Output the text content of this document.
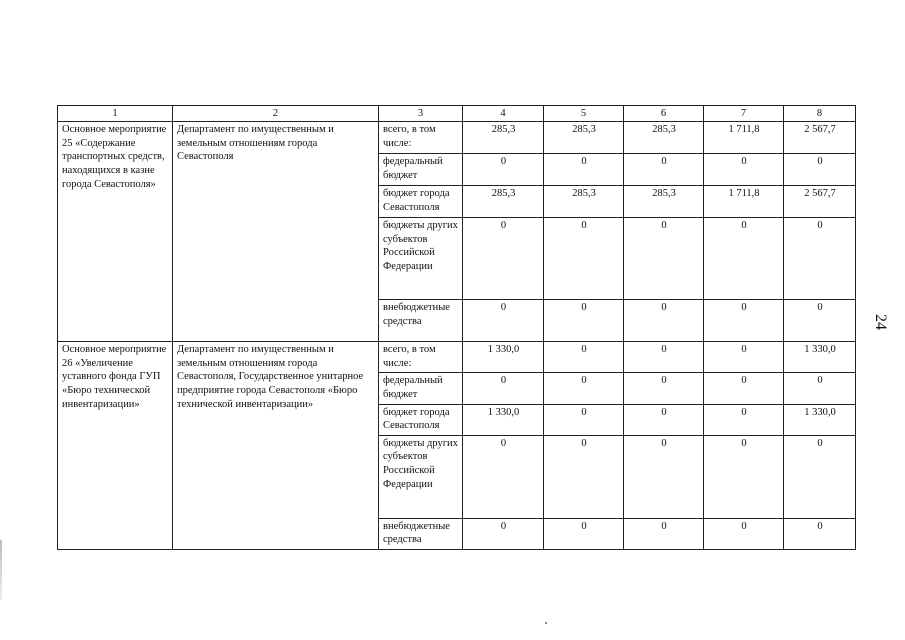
1	2	3	4	5	6	7	8
Основное мероприятие 25 «Содержание транспортных средств, находящихся в казне города Севастополя»	Департамент по имущественным и земельным отношениям города Севастополя	всего, в том числе:	285,3	285,3	285,3	1 711,8	2 567,7
		федеральный бюджет	0	0	0	0	0
		бюджет города Севастополя	285,3	285,3	285,3	1 711,8	2 567,7
		бюджеты других субъектов Российской Федерации	0	0	0	0	0
		внебюджетные средства	0	0	0	0	0
Основное мероприятие 26 «Увеличение уставного фонда ГУП «Бюро технической инвентаризации»	Департамент по имущественным и земельным отношениям города Севастополя, Государственное унитарное предприятие города Севастополя «Бюро технической инвентаризации»	всего, в том числе:	1 330,0	0	0	0	1 330,0
		федеральный бюджет	0	0	0	0	0
		бюджет города Севастополя	1 330,0	0	0	0	1 330,0
		бюджеты других субъектов Российской Федерации	0	0	0	0	0
		внебюджетные средства	0	0	0	0	0
24
